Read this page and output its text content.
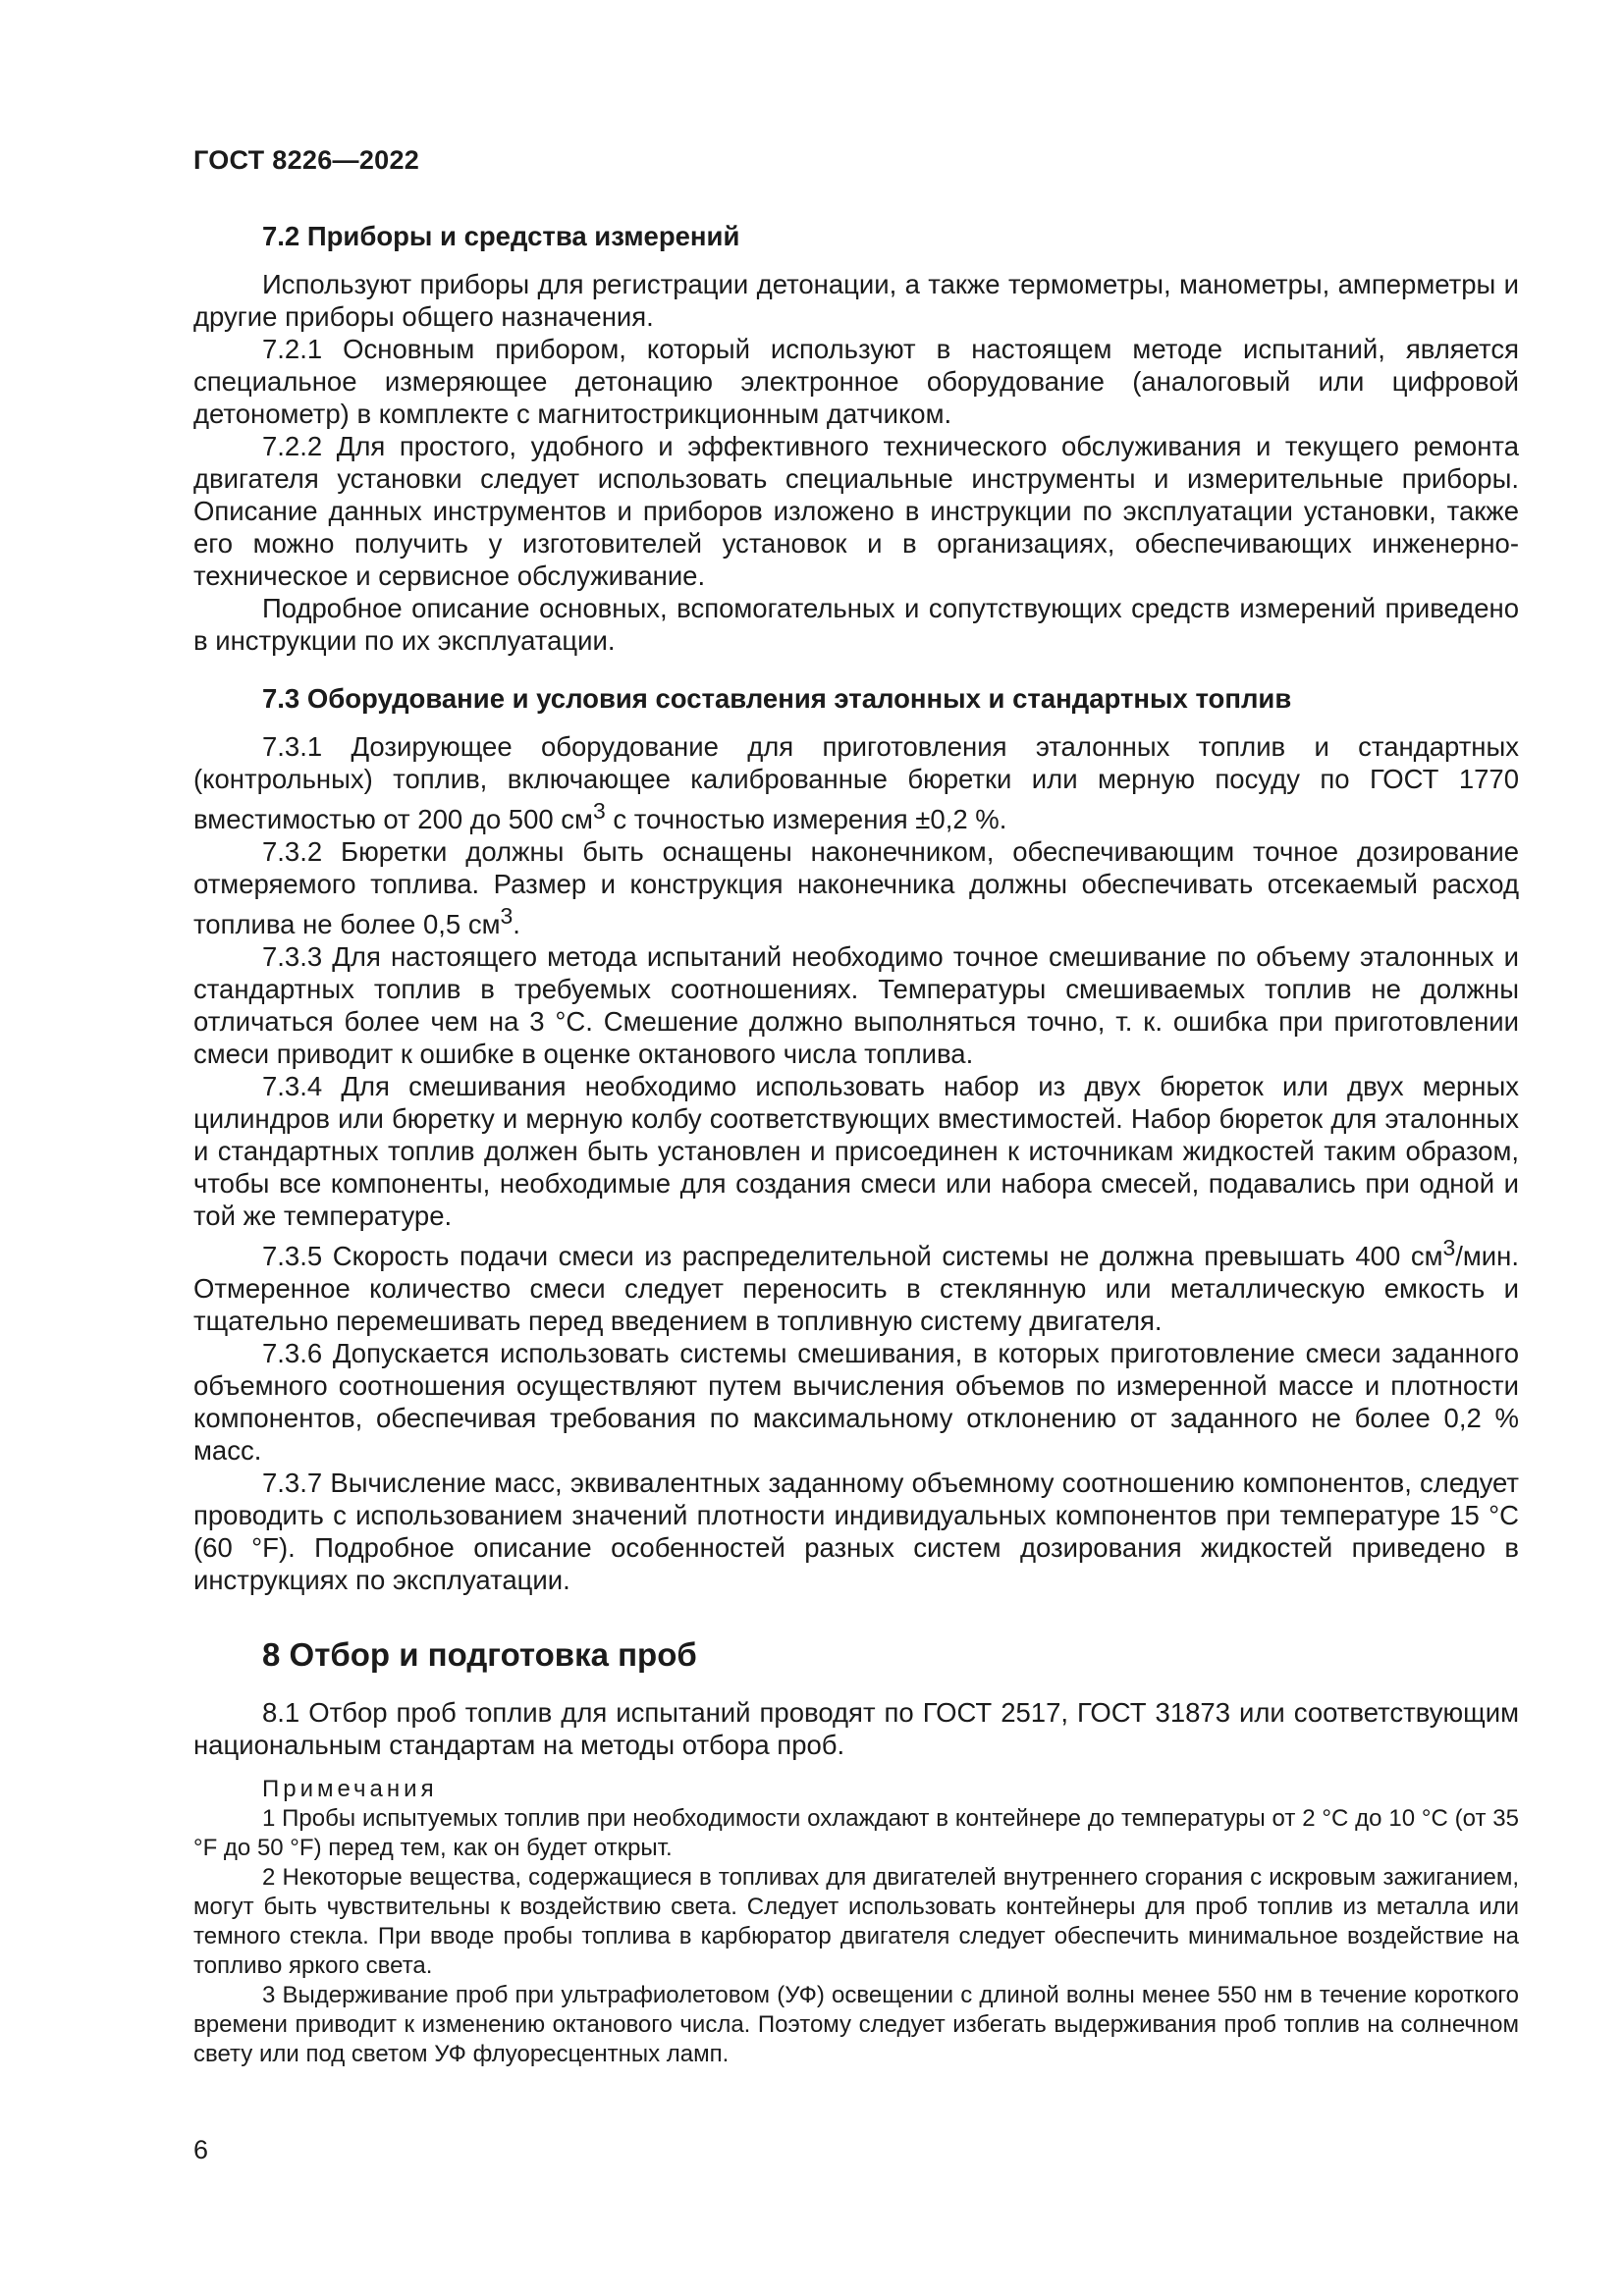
ГОСТ 8226—2022
7.2 Приборы и средства измерений

Используют приборы для регистрации детонации, а также термометры, манометры, амперметры и другие приборы общего назначения.

7.2.1 Основным прибором, который используют в настоящем методе испытаний, является специальное измеряющее детонацию электронное оборудование (аналоговый или цифровой детонометр) в комплекте с магнитострикционным датчиком.

7.2.2 Для простого, удобного и эффективного технического обслуживания и текущего ремонта двигателя установки следует использовать специальные инструменты и измерительные приборы. Описание данных инструментов и приборов изложено в инструкции по эксплуатации установки, также его можно получить у изготовителей установок и в организациях, обеспечивающих инженерно-техническое и сервисное обслуживание.

Подробное описание основных, вспомогательных и сопутствующих средств измерений приведено в инструкции по их эксплуатации.

7.3 Оборудование и условия составления эталонных и стандартных топлив

7.3.1 Дозирующее оборудование для приготовления эталонных топлив и стандартных (контрольных) топлив, включающее калиброванные бюретки или мерную посуду по ГОСТ 1770 вместимостью от 200 до 500 $см^3$ с точностью измерения ±0,2 %.

7.3.2 Бюретки должны быть оснащены наконечником, обеспечивающим точное дозирование отмеряемого топлива. Размер и конструкция наконечника должны обеспечивать отсекаемый расход топлива не более 0,5 $см^3$.

7.3.3 Для настоящего метода испытаний необходимо точное смешивание по объему эталонных и стандартных топлив в требуемых соотношениях. Температуры смешиваемых топлив не должны отличаться более чем на 3 °С. Смешение должно выполняться точно, т. к. ошибка при приготовлении смеси приводит к ошибке в оценке октанового числа топлива.

7.3.4 Для смешивания необходимо использовать набор из двух бюреток или двух мерных цилиндров или бюретку и мерную колбу соответствующих вместимостей. Набор бюреток для эталонных и стандартных топлив должен быть установлен и присоединен к источникам жидкостей таким образом, чтобы все компоненты, необходимые для создания смеси или набора смесей, подавались при одной и той же температуре.

7.3.5 Скорость подачи смеси из распределительной системы не должна превышать 400 $см^3$/мин. Отмеренное количество смеси следует переносить в стеклянную или металлическую емкость и тщательно перемешивать перед введением в топливную систему двигателя.

7.3.6 Допускается использовать системы смешивания, в которых приготовление смеси заданного объемного соотношения осуществляют путем вычисления объемов по измеренной массе и плотности компонентов, обеспечивая требования по максимальному отклонению от заданного не более 0,2 % масс.

7.3.7 Вычисление масс, эквивалентных заданному объемному соотношению компонентов, следует проводить с использованием значений плотности индивидуальных компонентов при температуре 15 °С (60 °F). Подробное описание особенностей разных систем дозирования жидкостей приведено в инструкциях по эксплуатации.

8 Отбор и подготовка проб

8.1 Отбор проб топлив для испытаний проводят по ГОСТ 2517, ГОСТ 31873 или соответствующим национальным стандартам на методы отбора проб.

Примечания

1 Пробы испытуемых топлив при необходимости охлаждают в контейнере до температуры от 2 °С до 10 °С (от 35 °F до 50 °F) перед тем, как он будет открыт.

2 Некоторые вещества, содержащиеся в топливах для двигателей внутреннего сгорания с искровым зажиганием, могут быть чувствительны к воздействию света. Следует использовать контейнеры для проб топлив из металла или темного стекла. При вводе пробы топлива в карбюратор двигателя следует обеспечить минимальное воздействие на топливо яркого света.

3 Выдерживание проб при ультрафиолетовом (УФ) освещении с длиной волны менее 550 нм в течение короткого времени приводит к изменению октанового числа. Поэтому следует избегать выдерживания проб топлив на солнечном свету или под светом УФ флуоресцентных ламп.

6
